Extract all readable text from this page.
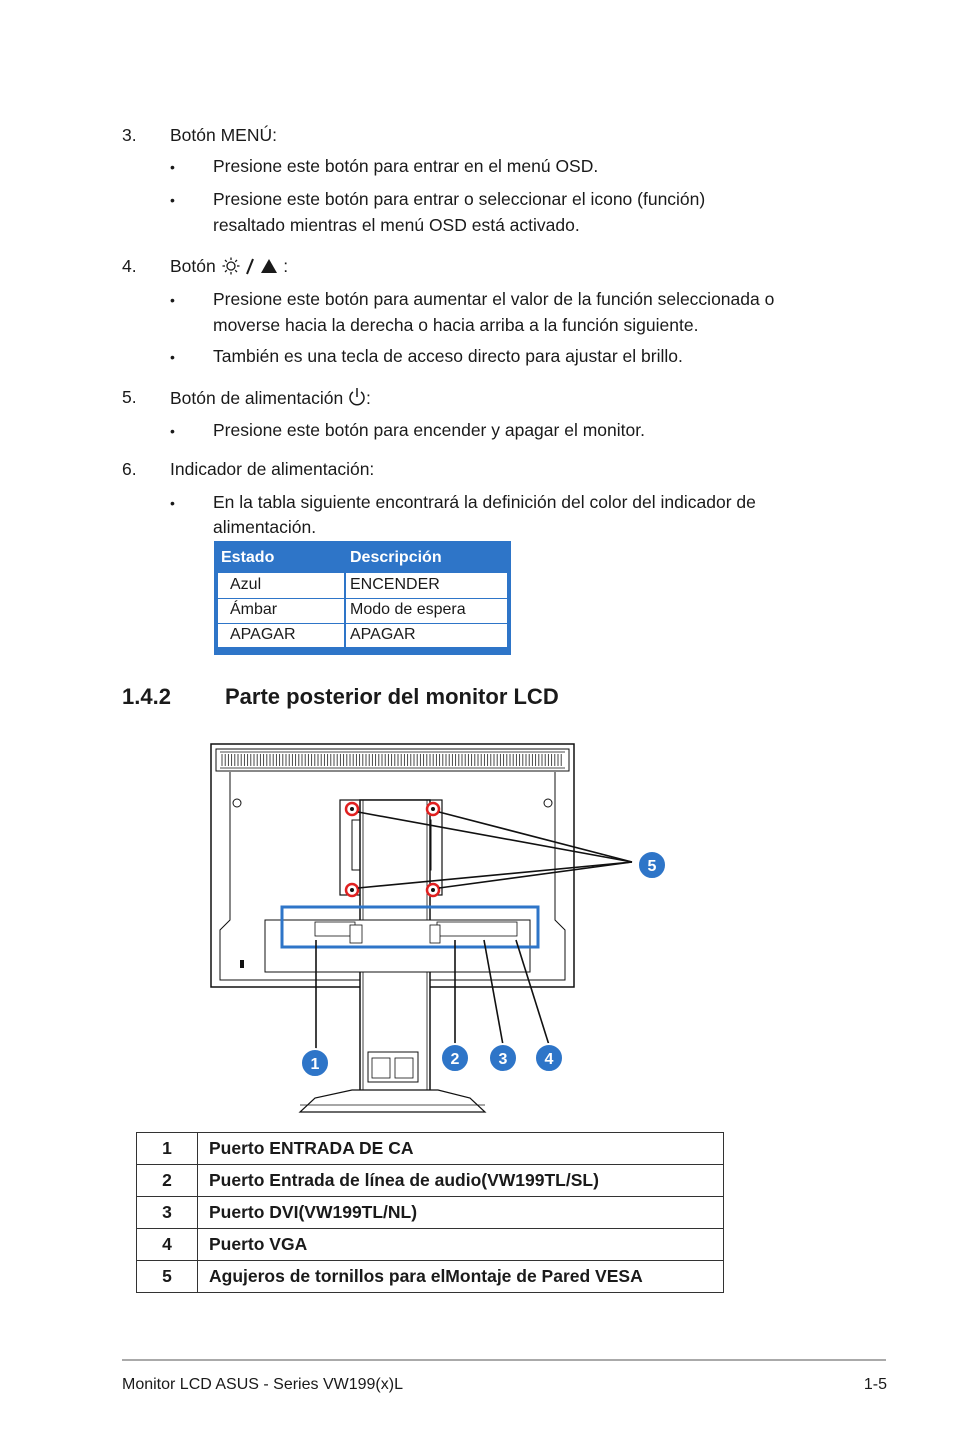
3. Botón MENÚ:
• Presione este botón para entrar en el menú OSD.
• Presione este botón para entrar o seleccionar el icono (función)
resaltado mientras el menú OSD está activado.
4. Botón	:
• Presione este botón para aumentar el valor de la función seleccionada o
moverse hacia la derecha o hacia arriba a la función siguiente.
• También es una tecla de acceso directo para ajustar el brillo.
5. Botón de alimentación :
• Presione este botón para encender y apagar el monitor.
6. Indicador de alimentación:
• En la tabla siguiente encontrará la definición del color del indicador de
alimentación.
Estado	Descripción
Azul	ENCENDER
Ámbar	Modo de espera
APAGAR	APAGAR
1.4.2 Parte posterior del monitor LCD
1	2 3 4
5
1	Puerto ENTRADA DE CA
2	Puerto Entrada de línea de audio(VW199TL/SL)
3	Puerto DVI(VW199TL/NL)
4	Puerto VGA
5	Agujeros de tornillos para elMontaje de Pared VESA
Monitor LCD ASUS - Series VW199(x)L	1-5
